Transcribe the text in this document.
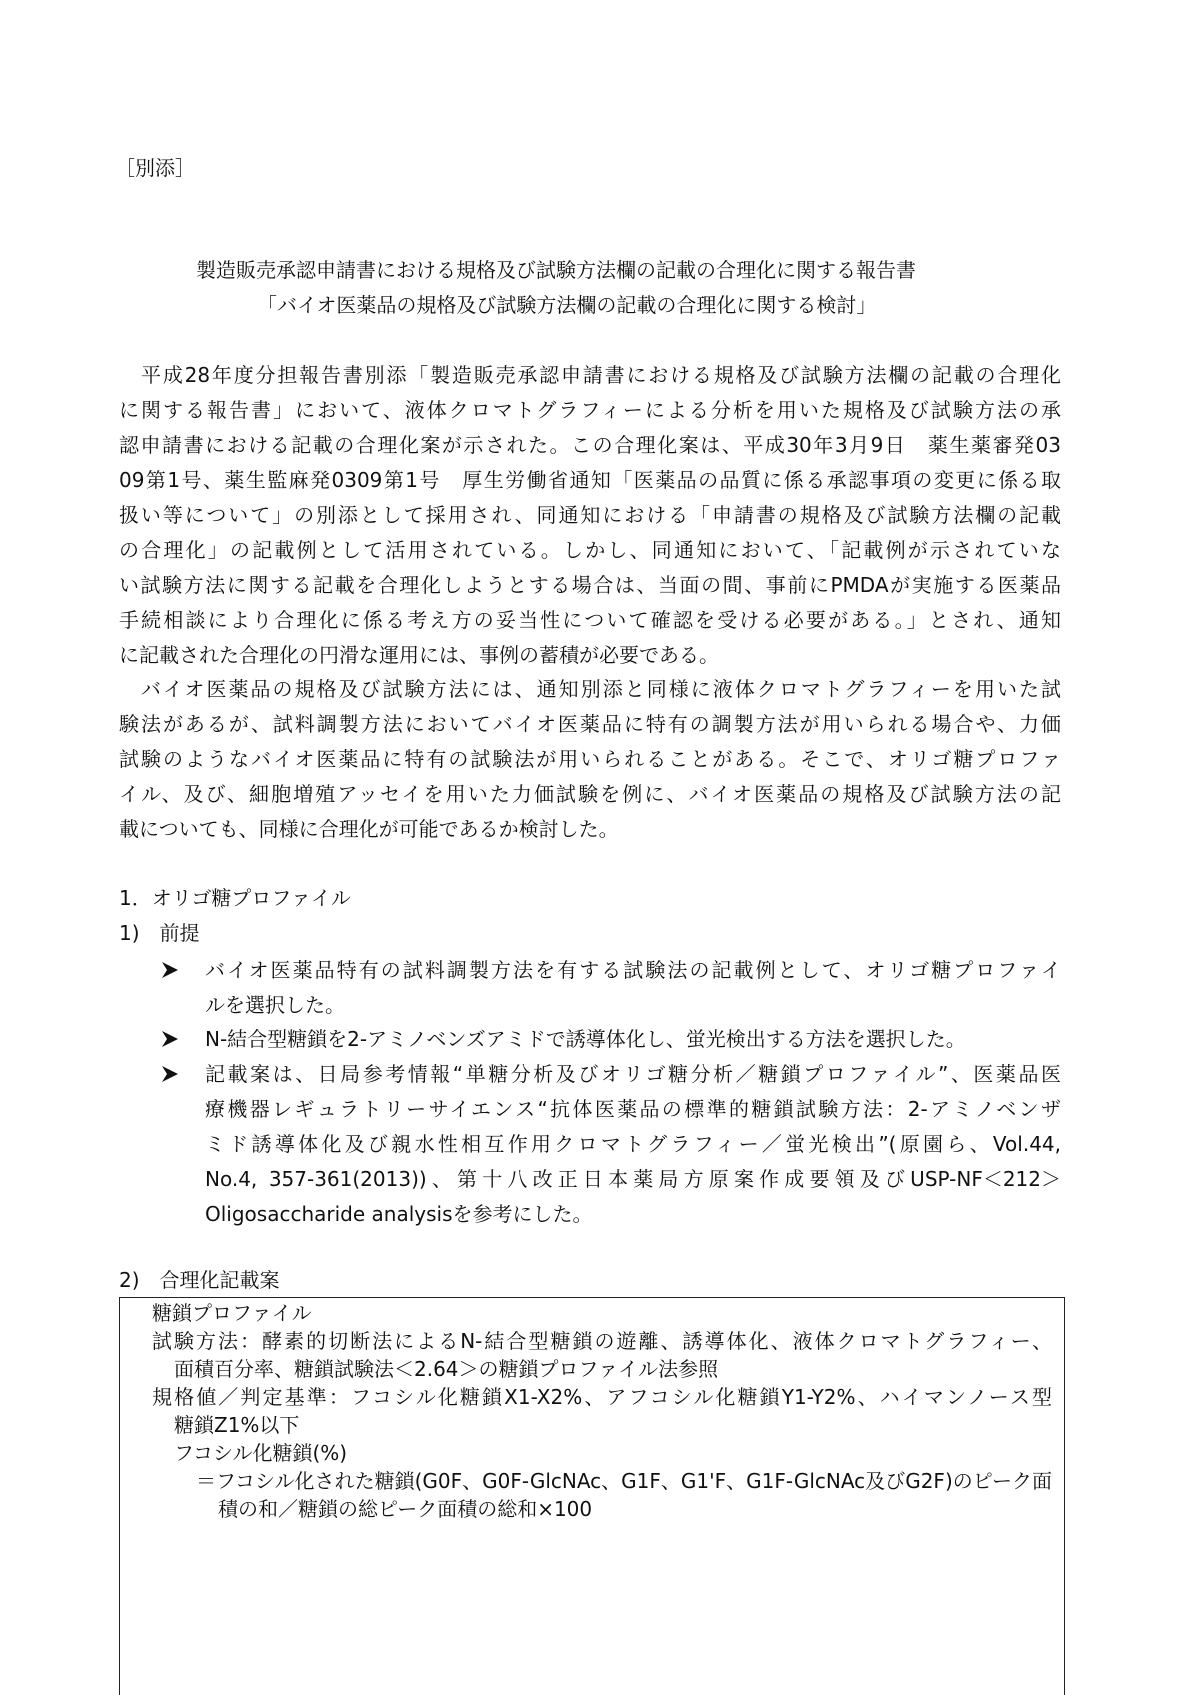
［別添］
製造販売承認申請書における規格及び試験方法欄の記載の合理化に関する報告書
「バイオ医薬品の規格及び試験方法欄の記載の合理化に関する検討」
平成28年度分担報告書別添「製造販売承認申請書における規格及び試験方法欄の記載の合理化
に関する報告書」において、液体クロマトグラフィーによる分析を用いた規格及び試験方法の承
認申請書における記載の合理化案が示された。この合理化案は、平成30年3月9日　薬生薬審発03
09第1号、薬生監麻発0309第1号　厚生労働省通知「医薬品の品質に係る承認事項の変更に係る取
扱い等について」の別添として採用され、同通知における「申請書の規格及び試験方法欄の記載
の合理化」の記載例として活用されている。しかし、同通知において、「記載例が示されていな
い試験方法に関する記載を合理化しようとする場合は、当面の間、事前にPMDAが実施する医薬品
手続相談により合理化に係る考え方の妥当性について確認を受ける必要がある。」とされ、通知
に記載された合理化の円滑な運用には、事例の蓄積が必要である。
バイオ医薬品の規格及び試験方法には、通知別添と同様に液体クロマトグラフィーを用いた試
験法があるが、試料調製方法においてバイオ医薬品に特有の調製方法が用いられる場合や、力価
試験のようなバイオ医薬品に特有の試験法が用いられることがある。そこで、オリゴ糖プロファ
イル、及び、細胞増殖アッセイを用いた力価試験を例に、バイオ医薬品の規格及び試験方法の記
載についても、同様に合理化が可能であるか検討した。
1．オリゴ糖プロファイル
1)　前提
バイオ医薬品特有の試料調製方法を有する試験法の記載例として、オリゴ糖プロファイ
ルを選択した。
N-結合型糖鎖を2-アミノベンズアミドで誘導体化し、蛍光検出する方法を選択した。
記載案は、日局参考情報“単糖分析及びオリゴ糖分析／糖鎖プロファイル”、医薬品医
療機器レギュラトリーサイエンス“抗体医薬品の標準的糖鎖試験方法：2-アミノベンザ
ミド誘導体化及び親水性相互作用クロマトグラフィー／蛍光検出”(原園ら、Vol.44,
No.4, 357-361(2013))、第十八改正日本薬局方原案作成要領及びUSP-NF＜212＞
Oligosaccharide analysisを参考にした。
2)　合理化記載案
糖鎖プロファイル
試験方法：酵素的切断法によるN-結合型糖鎖の遊離、誘導体化、液体クロマトグラフィー、
面積百分率、糖鎖試験法＜2.64＞の糖鎖プロファイル法参照
規格値／判定基準：フコシル化糖鎖X1-X2%、アフコシル化糖鎖Y1-Y2%、ハイマンノース型
糖鎖Z1%以下
フコシル化糖鎖(%)
＝フコシル化された糖鎖(G0F、G0F-GlcNAc、G1F、G1'F、G1F-GlcNAc及びG2F)のピーク面
積の和／糖鎖の総ピーク面積の総和×100
